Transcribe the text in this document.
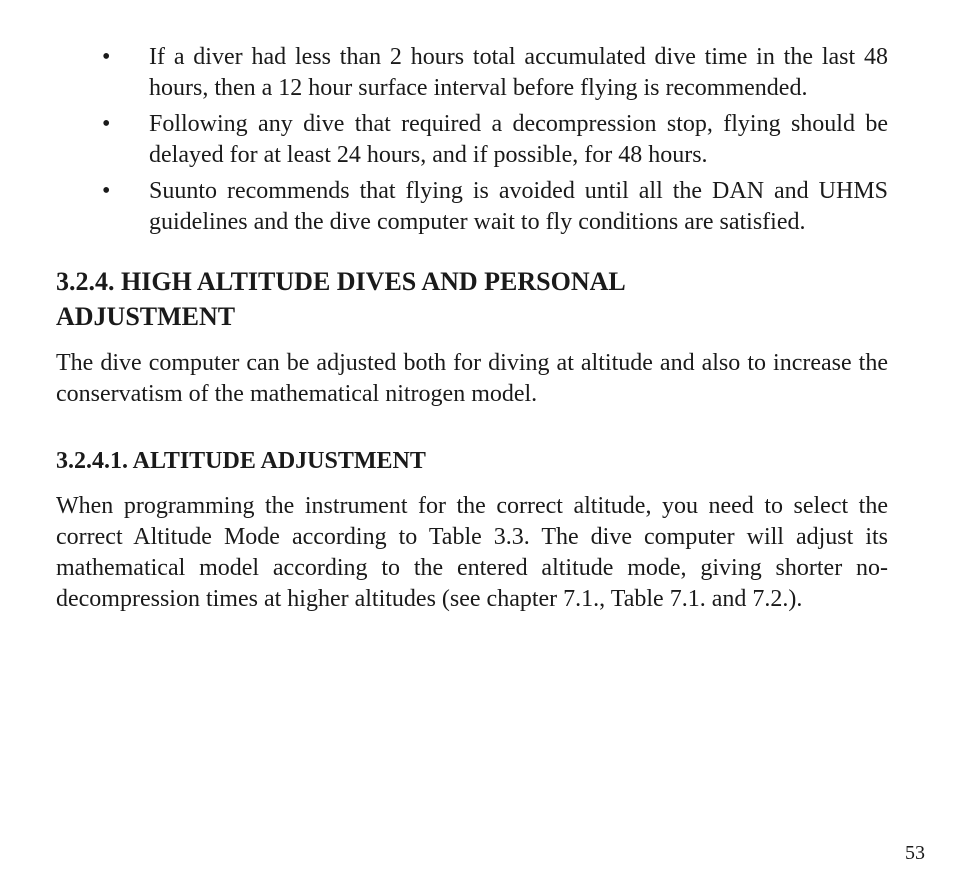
• If a diver had less than 2 hours total accumulated dive time in the last 48 hours, then a 12 hour surface interval before flying is recommended.
• Following any dive that required a decompression stop, flying should be delayed for at least 24 hours, and if possible, for 48 hours.
• Suunto recommends that flying is avoided until all the DAN and UHMS guidelines and the dive computer wait to fly conditions are satisfied.
3.2.4. HIGH ALTITUDE DIVES AND PERSONAL ADJUSTMENT

The dive computer can be adjusted both for diving at altitude and also to increase the conservatism of the mathematical nitrogen model.

3.2.4.1. ALTITUDE ADJUSTMENT

When programming the instrument for the correct altitude, you need to select the correct Altitude Mode according to Table 3.3. The dive computer will adjust its mathematical model according to the entered altitude mode, giving shorter no-decompression times at higher altitudes (see chapter 7.1., Table 7.1. and 7.2.).

53
